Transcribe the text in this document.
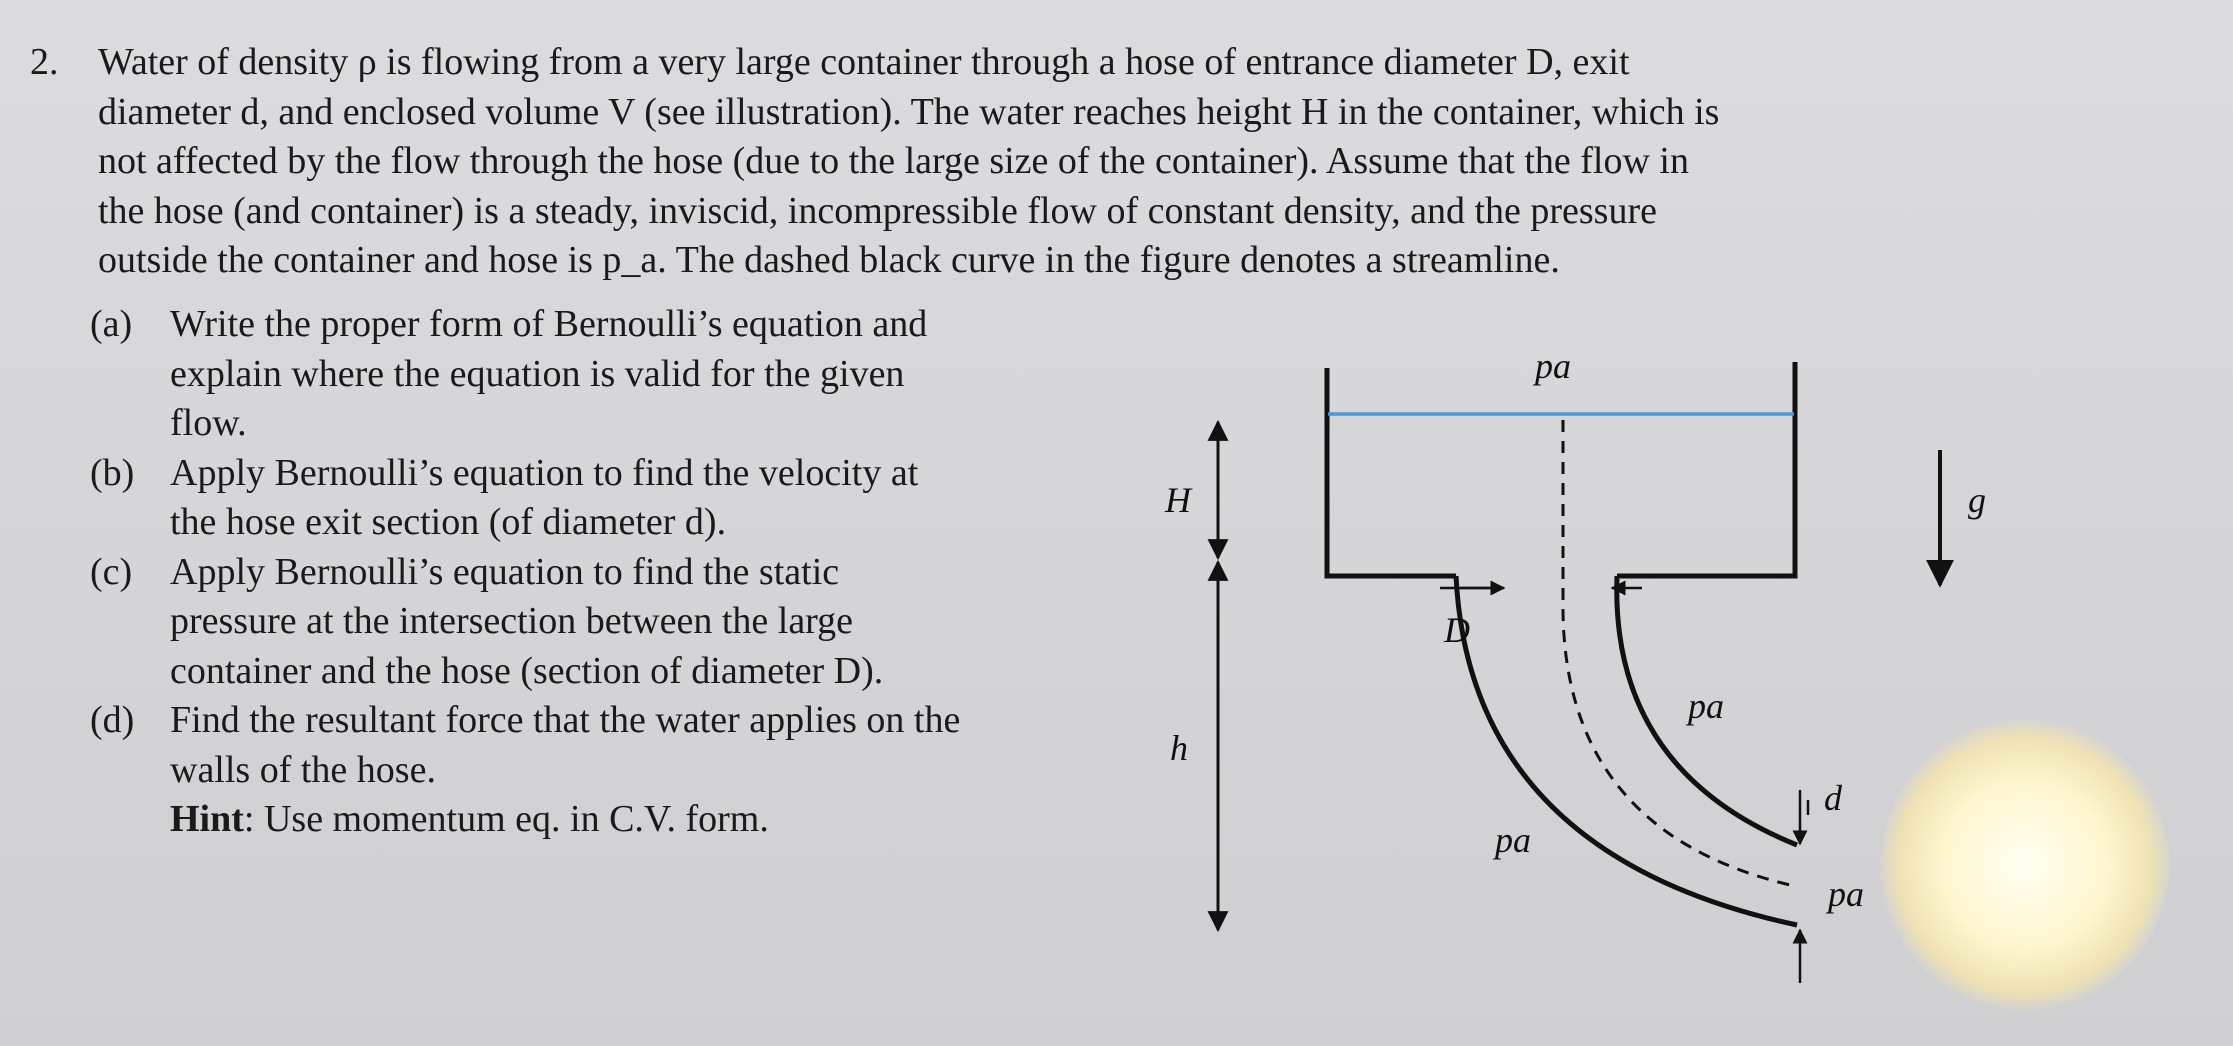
2. Water of density ρ is flowing from a very large container through a hose of entrance diameter D, exit

diameter d, and enclosed volume V (see illustration). The water reaches height H in the container, which is

not affected by the flow through the hose (due to the large size of the container). Assume that the flow in

the hose (and container) is a steady, inviscid, incompressible flow of constant density, and the pressure

outside the container and hose is p_a. The dashed black curve in the figure denotes a streamline.

(a) Write the proper form of Bernoulli’s equation and

explain where the equation is valid for the given

flow.

(b) Apply Bernoulli’s equation to find the velocity at

the hose exit section (of diameter d).

(c) Apply Bernoulli’s equation to find the static

pressure at the intersection between the large

container and the hose (section of diameter D).

(d) Find the resultant force that the water applies on the

walls of the hose.

Hint: Use momentum eq. in C.V. form.
H
h
D
d
g
pa
pa
pa
pa
